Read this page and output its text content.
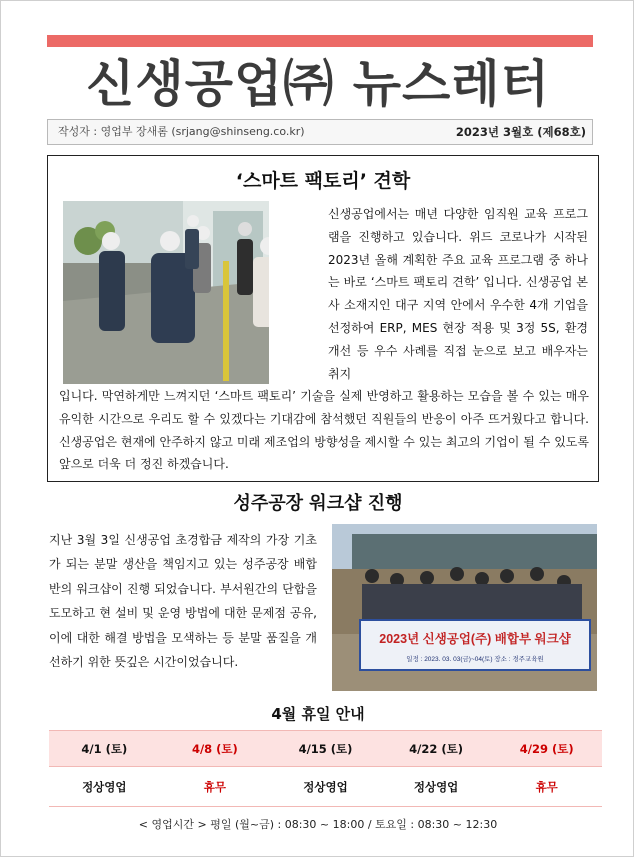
신생공업㈜ 뉴스레터
작성자 : 영업부 장새롬 (srjang@shinseng.co.kr)	2023년 3월호 (제68호)
‘스마트 팩토리’ 견학
신생공업에서는 매년 다양한 임직원 교육 프로그램을 진행하고 있습니다. 위드 코로나가 시작된 2023년 올해 계획한 주요 교육 프로그램 중 하나는 바로 ‘스마트 팩토리 견학’ 입니다. 신생공업 본사 소재지인 대구 지역 안에서 우수한 4개 기업을 선정하여 ERP, MES 현장 적용 및 3정 5S, 환경 개선 등 우수 사례를 직접 눈으로 보고 배우자는 취지
입니다. 막연하게만 느껴지던 ‘스마트 팩토리’ 기술을 실제 반영하고 활용하는 모습을 볼 수 있는 매우 유익한 시간으로 우리도 할 수 있겠다는 기대감에 참석했던 직원들의 반응이 아주 뜨거웠다고 합니다. 신생공업은 현재에 안주하지 않고 미래 제조업의 방향성을 제시할 수 있는 최고의 기업이 될 수 있도록 앞으로 더욱 더 정진 하겠습니다.
성주공장 워크샵 진행
지난 3월 3일 신생공업 초경합금 제작의 가장 기초가 되는 분말 생산을 책임지고 있는 성주공장 배합반의 워크샵이 진행 되었습니다. 부서원간의 단합을 도모하고 현 설비 및 운영 방법에 대한 문제점 공유, 이에 대한 해결 방법을 모색하는 등 분말 품질을 개선하기 위한 뜻깊은 시간이었습니다.
2023년 신생공업(주) 배합부 워크샵
일정 : 2023. 03. 03(금)~04(토) 장소 : 경주교육원
4월 휴일 안내
4/1 (토)	4/8 (토)	4/15 (토)	4/22 (토)	4/29 (토)
정상영업	휴무	정상영업	정상영업	휴무
< 영업시간 > 평일 (월~금) : 08:30 ~ 18:00 / 토요일 : 08:30 ~ 12:30
